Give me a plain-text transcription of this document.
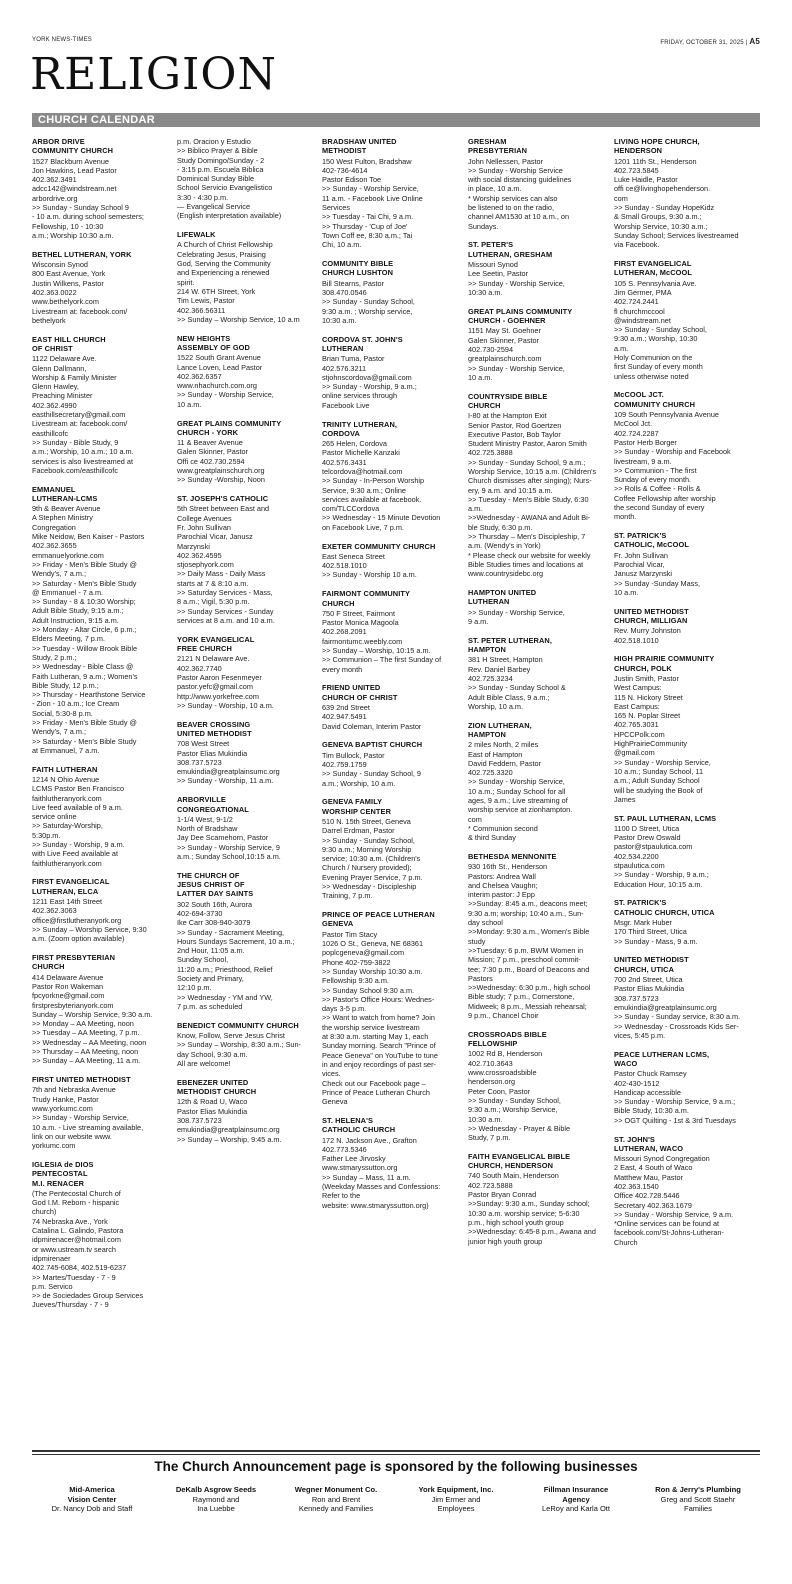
YORK NEWS-TIMES	FRIDAY, OCTOBER 31, 2025 | A5
RELIGION
CHURCH CALENDAR
ARBOR DRIVE
COMMUNITY CHURCH
1527 Blackburn Avenue
Jon Hawkins, Lead Pastor
402.362.3491
adcc142@windstream.net
arbordrive.org
>> Sunday - Sunday School 9
- 10 a.m. during school semesters;
Fellowship, 10 - 10:30
a.m.; Worship 10:30 a.m.
BETHEL LUTHERAN, YORK
Wisconsin Synod
800 East Avenue, York
Justin Wilkens, Pastor
402.363.0022
www.bethelyork.com
Livestream at: facebook.com/
bethelyork
EAST HILL CHURCH
OF CHRIST
1122 Delaware Ave.
Glenn Dallmann,
Worship & Family Minister
Glenn Hawley,
Preaching Minister
402.362.4990
easthillsecretary@gmail.com
Livestream at: facebook.com/
easthillcofc
>> Sunday - Bible Study, 9
a.m.; Worship, 10 a.m.; 10 a.m.
services is also livestreamed at
Facebook.com/easthillcofc
EMMANUEL
LUTHERAN-LCMS
9th & Beaver Avenue
A Stephen Ministry
Congregation
Mike Neidow, Ben Kaiser - Pastors
402.362.3655
emmanuelyorkne.com
>> Friday - Men's Bible Study @
Wendy's, 7 a.m.;
>> Saturday - Men's Bible Study
@ Emmanuel - 7 a.m.
>> Sunday - 8 & 10:30 Worship;
Adult Bible Study, 9:15 a.m.;
Adult Instruction, 9:15 a.m.
>> Monday - Altar Circle, 6 p.m.;
Elders Meeting, 7 p.m.
>> Tuesday - Willow Brook Bible
Study, 2 p.m.;
>> Wednesday - Bible Class @
Faith Lutheran, 9 a.m.; Women's
Bible Study, 12 p.m.;
>> Thursday - Hearthstone Service
- Zion - 10 a.m.; Ice Cream
Social, 5:30-8 p.m.
>> Friday - Men's Bible Study @
Wendy's, 7 a.m.;
>> Saturday - Men's Bible Study
at Emmanuel, 7 a.m.
FAITH LUTHERAN
1214 N Ohio Avenue
LCMS Pastor Ben Francisco
faithlutheranyork.com
Live feed available of 9 a.m.
service online
>> Saturday-Worship,
5:30p.m.
>> Sunday - Worship, 9 a.m.
with Live Feed available at
faithlutheranyork.com
FIRST EVANGELICAL
LUTHERAN, ELCA
1211 East 14th Street
402.362.3063
office@firstlutheranyork.org
>> Sunday – Worship Service, 9:30
a.m. (Zoom option available)
FIRST PRESBYTERIAN
CHURCH
414 Delaware Avenue
Pastor Ron Wakeman
fpcyorkne@gmail.com
firstpresbyterianyork.com
Sunday – Worship Service, 9:30 a.m.
>> Monday – AA Meeting, noon
>> Tuesday – AA Meeting, 7 p.m.
>> Wednesday – AA Meeting, noon
>> Thursday – AA Meeting, noon
>> Sunday – AA Meeting, 11 a.m.
FIRST UNITED METHODIST
7th and Nebraska Avenue
Trudy Hanke, Pastor
www.yorkumc.com
>> Sunday - Worship Service,
10 a.m. - Live streaming available,
link on our website www.
yorkumc.com
IGLESIA de DIOS
PENTECOSTAL
M.I. RENACER
(The Pentecostal Church of
God I.M. Reborn - hispanic
church)
74 Nebraska Ave., York
Catalina L. Galindo, Pastora
idpmirenacer@hotmail.com
or www.ustream.tv search
idpmirenaer
402.745-6084, 402.519-6237
>> Martes/Tuesday - 7 - 9
p.m. Servico
>> de Sociedades Group Services
Jueves/Thursday - 7 - 9
p.m. Oracion y Estudio
>> Biblico Prayer & Bible
Study Domingo/Sunday - 2
- 3:15 p.m. Escuela Biblica
Dominical Sunday Bible
School Servicio Evangelistico
3:30 - 4:30 p.m.
— Evangelical Service
(English interpretation available)
LIFEWALK
A Church of Christ Fellowship
Celebrating Jesus, Praising
God, Serving the Community
and Experiencing a renewed
spirit.
214 W. 6TH Street, York
Tim Lewis, Pastor
402.366.56311
>> Sunday – Worship Service, 10 a.m
NEW HEIGHTS
ASSEMBLY OF GOD
1522 South Grant Avenue
Lance Loven, Lead Pastor
402.362.6357
www.nhachurch.com.org
>> Sunday - Worship Service,
10 a.m.
GREAT PLAINS COMMUNITY
CHURCH - YORK
11 & Beaver Avenue
Galen Skinner, Pastor
Offi ce 402.730.2594
www.greatplainschurch.org
>> Sunday -Worship, Noon
ST. JOSEPH'S CATHOLIC
5th Street between East and
College Avenues
Fr. John Sullivan
Parochial Vicar, Janusz
Marzynski
402.362.4595
stjosephyork.com
>> Daily Mass - Daily Mass
starts at 7 & 8:10 a.m.
>> Saturday Services - Mass,
8 a.m.; Vigil, 5:30 p.m.
>> Sunday Services - Sunday
services at 8 a.m. and 10 a.m.
YORK EVANGELICAL
FREE CHURCH
2121 N Delaware Ave.
402.362.7740
Pastor Aaron Fesenmeyer
pastor.yefc@gmail.com
http://www.yorkefree.com
>> Sunday - Worship, 10 a.m.
BEAVER CROSSING
UNITED METHODIST
708 West Street
Pastor Elias Mukindia
308.737.5723
emukindia@greatplainsumc.org
>> Sunday - Worship, 11 a.m.
ARBORVILLE
CONGREGATIONAL
1-1/4 West, 9-1/2
North of Bradshaw
Jay Dee Scamehorn, Pastor
>> Sunday - Worship Service, 9
a.m.; Sunday School,10:15 a.m.
THE CHURCH OF
JESUS CHRIST OF
LATTER DAY SAINTS
302 South 16th, Aurora
402-694-3730
Ike Carr 308-940-3079
>> Sunday - Sacrament Meeting,
Hours Sundays Sacrement, 10 a.m.;
2nd Hour, 11:05 a.m.
Sunday School,
11:20 a.m.; Priesthood, Relief
Society and Primary,
12:10 p.m.
>> Wednesday - YM and YW,
7 p.m. as scheduled
BENEDICT COMMUNITY CHURCH
Know, Follow, Serve Jesus Christ
>> Sunday – Worship, 8:30 a.m.; Sun-
day School, 9:30 a.m.
All are welcome!
EBENEZER UNITED
METHODIST CHURCH
12th & Road U, Waco
Pastor Elias Mukindia
308.737.5723
emukindia@greatplainsumc.org
>> Sunday – Worship, 9:45 a.m.
BRADSHAW UNITED
METHODIST
150 West Fulton, Bradshaw
402-736-4614
Pastor Edison Toe
>> Sunday - Worship Service,
11 a.m. - Facebook Live Online
Services
>> Tuesday - Tai Chi, 9 a.m.
>> Thursday - 'Cup of Joe'
Town Coff ee, 8:30 a.m.; Tai
Chi, 10 a.m.
COMMUNITY BIBLE
CHURCH LUSHTON
Bill Stearns, Pastor
308.470.0546
>> Sunday - Sunday School,
9:30 a.m. ; Worship service,
10:30 a.m.
CORDOVA ST. JOHN'S
LUTHERAN
Brian Tuma, Pastor
402.576.3211
stjohnscordova@gmail.com
>> Sunday - Worship, 9 a.m.;
online services through
Facebook Live
TRINITY LUTHERAN,
CORDOVA
265 Helen, Cordova
Pastor Michelle Kanzaki
402.576.3431
telcordova@hotmail.com
>> Sunday - In-Person Worship
Service, 9:30 a.m.; Online
services available at facebook.
com/TLCCordova
>> Wednesday - 15 Minute Devotion
on Facebook Live, 7 p.m.
EXETER COMMUNITY CHURCH
East Seneca Street
402.518.1010
>> Sunday - Worship 10 a.m.
FAIRMONT COMMUNITY
CHURCH
750 F Street, Fairmont
Pastor Monica Magoola
402.268.2091
fairmontumc.weebly.com
>> Sunday – Worship, 10:15 a.m.
>> Communion – The first Sunday of
every month
FRIEND UNITED
CHURCH OF CHRIST
639 2nd Street
402.947.5491
David Coleman, Interim Pastor
GENEVA BAPTIST CHURCH
Tim Bullock, Pastor
402.759.1759
>> Sunday - Sunday School, 9
a.m.; Worship, 10 a.m.
GENEVA FAMILY
WORSHIP CENTER
510 N. 15th Street, Geneva
Darrel Erdman, Pastor
>> Sunday - Sunday School,
9:30 a.m.; Morning Worship
service; 10:30 a.m. (Children's
Church / Nursery provided);
Evening Prayer Service, 7 p.m.
>> Wednesday - Discipleship
Training, 7 p.m.
PRINCE OF PEACE LUTHERAN
GENEVA
Pastor Tim Stacy
1026 O St., Geneva, NE 68361
poplcgeneva@gmail.com
Phone 402-759-3822
>> Sunday Worship 10:30 a.m.
Fellowship 9:30 a.m.
>> Sunday School 9:30 a.m.
>> Pastor's Office Hours: Wednes-
days 3-5 p.m.
>> Want to watch from home? Join
the worship service livestream
at 8:30 a.m. starting May 1, each
Sunday morning. Search "Prince of
Peace Geneva" on YouTube to tune
in and enjoy recordings of past ser-
vices.
Check out our Facebook page –
Prince of Peace Lutheran Church
Geneva
ST. HELENA'S
CATHOLIC CHURCH
172 N. Jackson Ave., Grafton
402.773.5346
Father Lee Jirvosky
www.stmaryssutton.org
>> Sunday – Mass, 11 a.m.
(Weekday Masses and Confessions:
Refer to the
website: www.stmaryssutton.org)
GRESHAM
PRESBYTERIAN
John Nellessen, Pastor
>> Sunday - Worship Service
with social distancing guidelines
in place, 10 a.m.
* Worship services can also
be listened to on the radio,
channel AM1530 at 10 a.m., on
Sundays.
ST. PETER'S
LUTHERAN, GRESHAM
Missouri Synod
Lee Seetin, Pastor
>> Sunday - Worship Service,
10:30 a.m.
GREAT PLAINS COMMUNITY
CHURCH - GOEHNER
1151 May St. Goehner
Galen Skinner, Pastor
402.730-2594
greatplainschurch.com
>> Sunday - Worship Service,
10 a.m.
COUNTRYSIDE BIBLE
CHURCH
I-80 at the Hampton Exit
Senior Pastor, Rod Goertzen
Executive Pastor, Bob Taylor
Student Ministry Pastor, Aaron Smith
402.725.3888
>> Sunday - Sunday School, 9 a.m.;
Worship Service, 10:15 a.m. (Children's
Church dismisses after singing); Nurs-
ery, 9 a.m. and 10:15 a.m.
>> Tuesday - Men's Bible Study, 6:30
a.m.
>>Wednesday - AWANA and Adult Bi-
ble Study, 6:30 p.m.
>> Thursday – Men's Discipleship, 7
a.m. (Wendy's in York)
* Please check our website for weekly
Bible Studies times and locations at
www.countrysidebc.org
HAMPTON UNITED
LUTHERAN
>> Sunday - Worship Service,
9 a.m.
ST. PETER LUTHERAN,
HAMPTON
381 H Street, Hampton
Rev. Daniel Barbey
402.725.3234
>> Sunday - Sunday School &
Adult Bible Class, 9 a.m.;
Worship, 10 a.m.
ZION LUTHERAN,
HAMPTON
2 miles North, 2 miles
East of Hampton
David Feddern, Pastor
402.725.3320
>> Sunday - Worship Service,
10 a.m.; Sunday School for all
ages, 9 a.m.; Live streaming of
worship service at zionhampton.
com
* Communion second
& third Sunday
BETHESDA MENNONITE
930 16th St., Henderson
Pastors: Andrea Wall
and Chelsea Vaughn;
interim pastor: J Epp
>>Sunday: 8:45 a.m., deacons meet;
9:30 a.m; worship; 10:40 a.m., Sun-
day school
>>Monday: 9:30 a.m., Women's Bible
study
>>Tuesday: 6 p.m. BWM Women in
Mission; 7 p.m., preschool commit-
tee; 7:30 p.m., Board of Deacons and
Pastors
>>Wednesday: 6:30 p.m., high school
Bible study; 7 p.m., Cornerstone,
Midweek; 8 p.m., Messiah rehearsal;
9 p.m., Chancel Choir
CROSSROADS BIBLE
FELLOWSHIP
1002 Rd B, Henderson
402.710.3643
www.crossroadsbible
henderson.org
Peter Coon, Pastor
>> Sunday - Sunday School,
9:30 a.m.; Worship Service,
10:30 a.m.
>> Wednesday - Prayer & Bible
Study, 7 p.m.
FAITH EVANGELICAL BIBLE
CHURCH, HENDERSON
740 South Main, Henderson
402.723.5888
Pastor Bryan Conrad
>>Sunday: 9:30 a.m., Sunday school;
10:30 a.m. worship service; 5-6:30
p.m., high school youth group
>>Wednesday: 6:45-8 p.m., Awana and
junior high youth group
LIVING HOPE CHURCH,
HENDERSON
1201 11th St., Henderson
402.723.5845
Luke Haidle, Pastor
offi ce@livinghopehenderson.
com
>> Sunday - Sunday HopeKidz
& Small Groups, 9:30 a.m.;
Worship Service, 10:30 a.m.;
Sunday School; Services livestreamed
via Facebook.
FIRST EVANGELICAL
LUTHERAN, McCOOL
105 S. Pennsylvania Ave.
Jim Germer, PMA
402.724.2441
fl churchmccool
@windstream.net
>> Sunday - Sunday School,
9:30 a.m.; Worship, 10:30
a.m.
Holy Communion on the
first Sunday of every month
unless otherwise noted
McCOOL JCT.
COMMUNITY CHURCH
109 South Pennsylvania Avenue
McCool Jct.
402.724.2287
Pastor Herb Borger
>> Sunday - Worship and Facebook
livestream, 9 a.m.
>> Communion - The first
Sunday of every month.
>> Rolls & Coffee - Rolls &
Coffee Fellowship after worship
the second Sunday of every
month.
ST. PATRICK'S
CATHOLIC, McCOOL
Fr. John Sullivan
Parochial Vicar,
Janusz Marzynski
>> Sunday -Sunday Mass,
10 a.m.
UNITED METHODIST
CHURCH, MILLIGAN
Rev. Murry Johnston
402.518.1010
HIGH PRAIRIE COMMUNITY
CHURCH, POLK
Justin Smith, Pastor
West Campus:
115 N. Hickory Street
East Campus:
165 N. Poplar Street
402.765.3031
HPCCPolk.com
HighPrairieCommunity
@gmail.com
>> Sunday - Worship Service,
10 a.m.; Sunday School, 11
a.m.; Adult Sunday School
will be studying the Book of
James
ST. PAUL LUTHERAN, LCMS
1100 D Street, Utica
Pastor Drew Oswald
pastor@stpaulutica.com
402.534.2200
stpaulutica.com
>> Sunday - Worship, 9 a.m.;
Education Hour, 10:15 a.m.
ST. PATRICK'S
CATHOLIC CHURCH, UTICA
Msgr. Mark Huber
170 Third Street, Utica
>> Sunday - Mass, 9 a.m.
UNITED METHODIST
CHURCH, UTICA
700 2nd Street, Utica
Pastor Elias Mukindia
308.737.5723
emukindia@greatplainsumc.org
>> Sunday - Sunday service, 8:30 a.m.
>> Wednesday - Crossroads Kids Ser-
vices, 5:45 p.m.
PEACE LUTHERAN LCMS,
WACO
Pastor Chuck Ramsey
402-430-1512
Handicap accessible
>> Sunday - Worship Service, 9 a.m.;
Bible Study, 10:30 a.m.
>> OGT Quilting - 1st & 3rd Tuesdays
ST. JOHN'S
LUTHERAN, WACO
Missouri Synod Congregation
2 East, 4 South of Waco
Matthew Mau, Pastor
402.363.1540
Office 402.728.5446
Secretary 402.363.1679
>> Sunday - Worship Service, 9 a.m.
*Online services can be found at
facebook.com/St-Johns-Lutheran-
Church
The Church Announcement page is sponsored by the following businesses
Mid-America
Vision Center
Dr. Nancy Dob and Staff
DeKalb Asgrow Seeds
Raymond and
Ina Luebbe
Wegner Monument Co.
Ron and Brent
Kennedy and Families
York Equipment, Inc.
Jim Ermer and
Employees
Fillman Insurance
Agency
LeRoy and Karla Ott
Ron & Jerry's Plumbing
Greg and Scott Staehr
Families
